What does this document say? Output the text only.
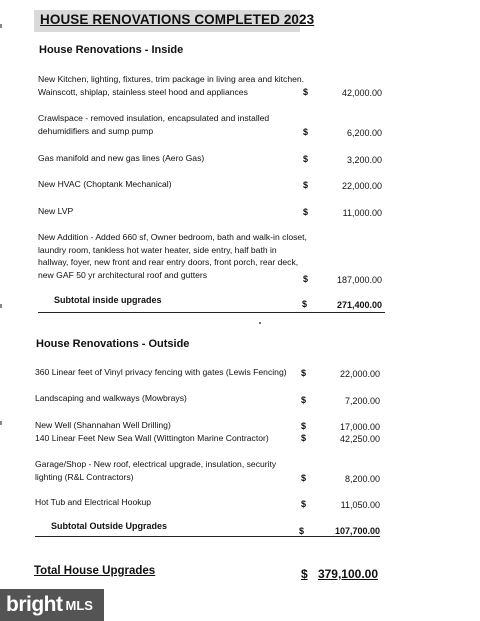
HOUSE RENOVATIONS COMPLETED 2023
House Renovations - Inside
New Kitchen, lighting, fixtures, trim package in living area and kitchen. Wainscott, shiplap, stainless steel hood and appliances	$	42,000.00
Crawlspace - removed insulation, encapsulated and installed dehumidifiers and sump pump	$	6,200.00
Gas manifold and new gas lines (Aero Gas)	$	3,200.00
New HVAC (Choptank Mechanical)	$	22,000.00
New LVP	$	11,000.00
New Addition - Added 660 sf, Owner bedroom, bath and walk-in closet, laundry room, tankless hot water heater, side entry, half bath in hallway, foyer, new front and rear entry doors, front porch, rear deck, new GAF 50 yr architectural roof and gutters	$	187,000.00
Subtotal inside upgrades	$	271,400.00
House Renovations - Outside
360 Linear feet of Vinyl privacy fencing with gates (Lewis Fencing)	$	22,000.00
Landscaping and walkways (Mowbrays)	$	7,200.00
New Well (Shannahan Well Drilling)	$	17,000.00
140 Linear Feet New Sea Wall (Wittington Marine Contractor)	$	42,250.00
Garage/Shop - New roof, electrical upgrade, insulation, security lighting (R&L Contractors)	$	8,200.00
Hot Tub and Electrical Hookup	$	11,050.00
Subtotal Outside Upgrades	$	107,700.00
Total House Upgrades	$ 379,100.00
bright MLS
